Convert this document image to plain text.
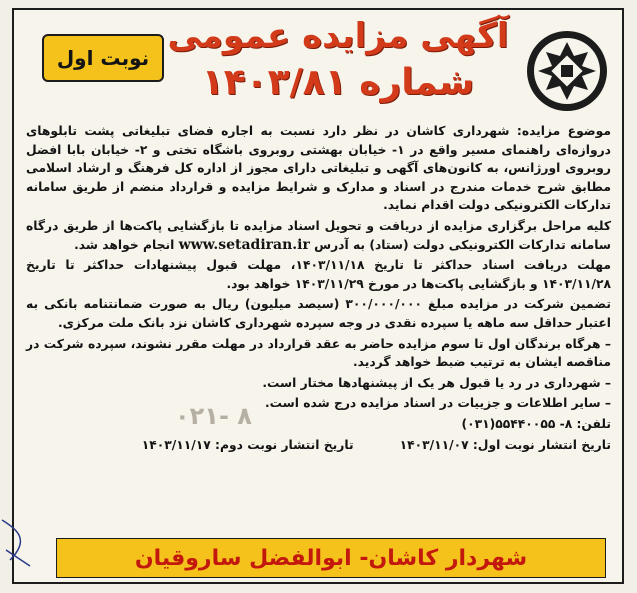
نوبت اول
آگهی مزایده عمومی
شماره ۱۴۰۳/۸۱

موضوع مزایده: شهرداری کاشان در نظر دارد نسبت به اجاره فضای تبلیغاتی پشت تابلوهای دروازه‌ای راهنمای مسیر واقع در ۱- خیابان بهشتی روبروی باشگاه تختی و ۲- خیابان بابا افضل روبروی اورژانس، به کانون‌های آگهی و تبلیغاتی دارای مجوز از اداره کل فرهنگ و ارشاد اسلامی مطابق شرح خدمات مندرج در اسناد و مدارک و شرایط مزایده و قرارداد منضم از طریق سامانه تدارکات الکترونیکی دولت اقدام نماید.

کلیه مراحل برگزاری مزایده از دریافت و تحویل اسناد مزایده تا بازگشایی پاکت‌ها از طریق درگاه سامانه تدارکات الکترونیکی دولت (ستاد) به آدرس www.setadiran.ir انجام خواهد شد.

مهلت دریافت اسناد حداکثر تا تاریخ ۱۴۰۳/۱۱/۱۸، مهلت قبول پیشنهادات حداکثر تا تاریخ ۱۴۰۳/۱۱/۲۸ و بازگشایی پاکت‌ها در مورخ ۱۴۰۳/۱۱/۲۹ خواهد بود.

تضمین شرکت در مزایده مبلغ ۳۰۰/۰۰۰/۰۰۰ (سیصد میلیون) ریال به صورت ضمانتنامه بانکی به اعتبار حداقل سه ماهه یا سپرده نقدی در وجه سپرده شهرداری کاشان نزد بانک ملت مرکزی.

– هرگاه برندگان اول تا سوم مزایده حاضر به عقد قرارداد در مهلت مقرر نشوند، سپرده شرکت در مناقصه ایشان به ترتیب ضبط خواهد گردید.

– شهرداری در رد یا قبول هر یک از پیشنهادها مختار است.

– سایر اطلاعات و جزییات در اسناد مزایده درج شده است.

تلفن: ۸- ۵۵۴۴۰۰۵۵(۰۳۱)

تاریخ انتشار نوبت اول: ۱۴۰۳/۱۱/۰۷
تاریخ انتشار نوبت دوم: ۱۴۰۳/۱۱/۱۷
۰۲۱- ۸
شهردار کاشان- ابوالفضل ساروقیان
